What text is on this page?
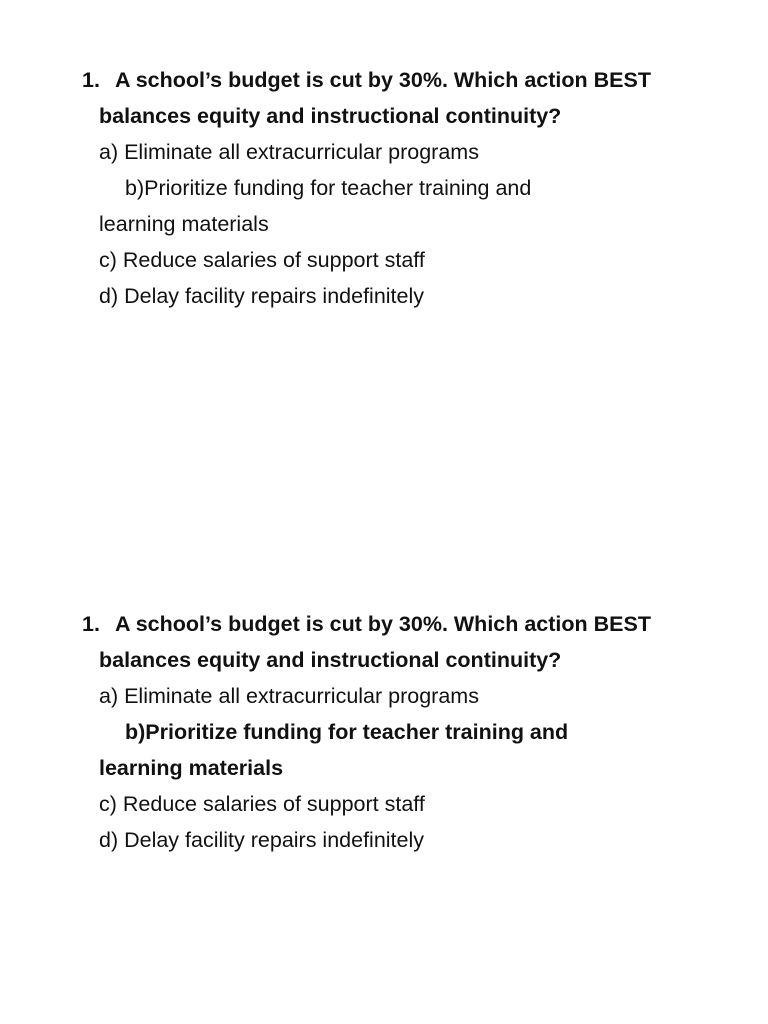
1. A school’s budget is cut by 30%. Which action BEST
balances equity and instructional continuity?
a) Eliminate all extracurricular programs
b)Prioritize funding for teacher training and
learning materials
c) Reduce salaries of support staff
d) Delay facility repairs indefinitely
1. A school’s budget is cut by 30%. Which action BEST
balances equity and instructional continuity?
a) Eliminate all extracurricular programs
b)Prioritize funding for teacher training and
learning materials
c) Reduce salaries of support staff
d) Delay facility repairs indefinitely
